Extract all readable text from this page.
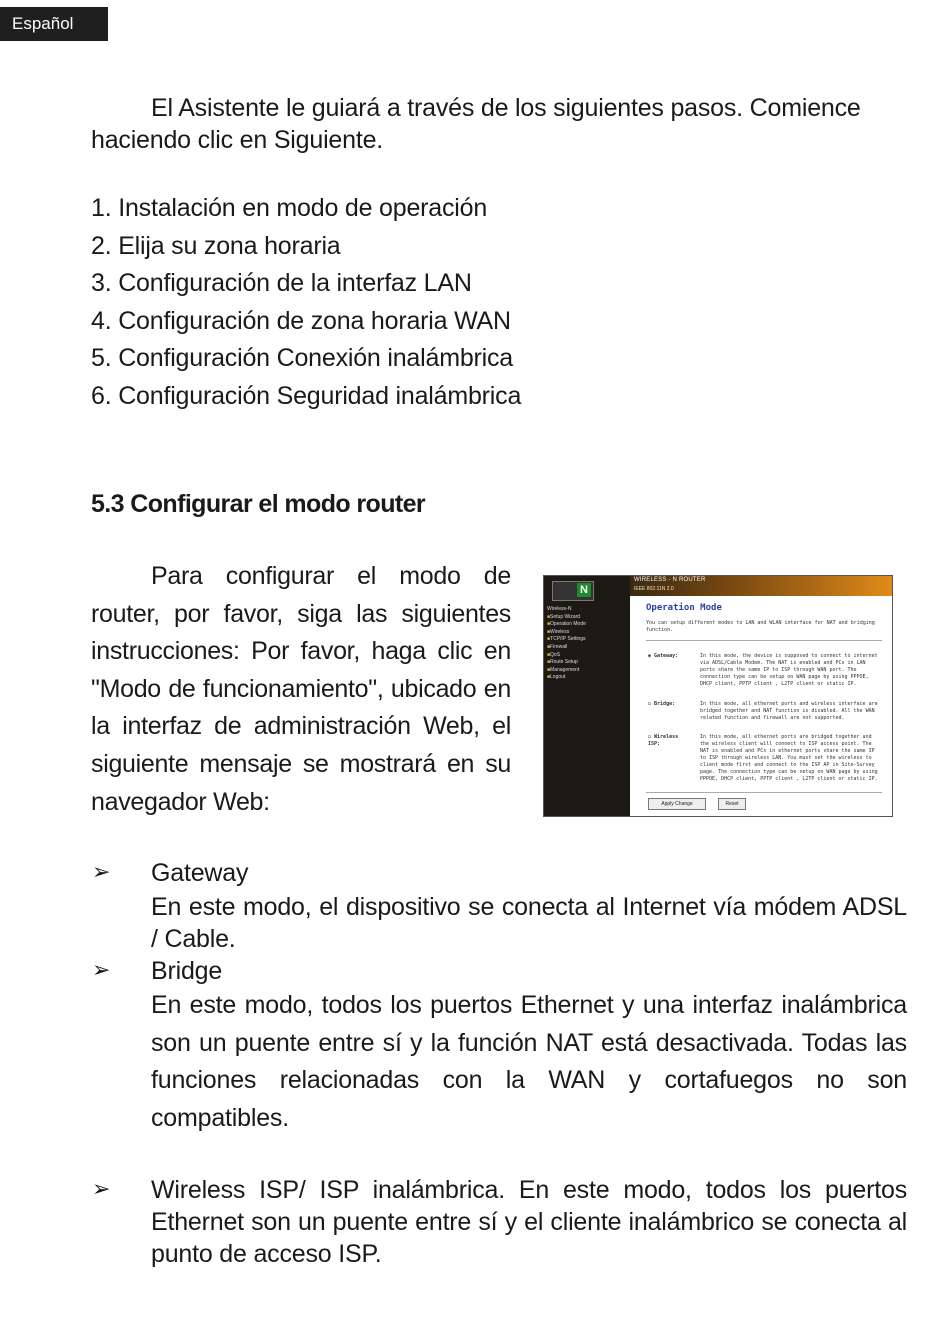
Español
El Asistente le guiará a través de los siguientes pasos. Comience haciendo clic en Siguiente.
1. Instalación en modo de operación
2. Elija su zona horaria
3. Configuración de la interfaz LAN
4. Configuración de zona horaria WAN
5. Configuración Conexión inalámbrica
6. Configuración Seguridad inalámbrica
5.3 Configurar el modo router
Para configurar el modo de router, por favor, siga las siguientes instrucciones: Por favor, haga clic en "Modo de funcionamiento", ubicado en la interfaz de administración Web, el siguiente mensaje se mostrará en su navegador Web:
N
Wireless-N
■ Setup Wizard
■ Operation Mode
■ Wireless
■ TCP/IP Settings
■ Firewall
■ QoS
■ Route Setup
■ Management
■ Logout
WIRELESS - N ROUTER
IEEE 802.11N 2.0
Operation Mode
You can setup different modes to LAN and WLAN interface for NAT and bridging function.
◉ Gateway:	In this mode, the device is supposed to connect to internet via ADSL/Cable Modem. The NAT is enabled and PCs in LAN ports share the same IP to ISP through WAN port. The connection type can be setup on WAN page by using PPPOE, DHCP client, PPTP client , L2TP client or static IP.
○ Bridge:	In this mode, all ethernet ports and wireless interface are bridged together and NAT function is disabled. All the WAN related function and firewall are not supported.
○ Wireless ISP:
In this mode, all ethernet ports are bridged together and the wireless client will connect to ISP access point. The NAT is enabled and PCs in ethernet ports share the same IP to ISP through wireless LAN. You must set the wireless to client mode first and connect to the ISP AP in Site-Survey page. The connection type can be setup on WAN page by using PPPOE, DHCP client, PPTP client , L2TP client or static IP.
Apply Change	Reset
➢ Gateway
En este modo, el dispositivo se conecta al Internet vía módem ADSL / Cable.
➢ Bridge
En este modo, todos los puertos Ethernet y una interfaz inalámbrica son un puente entre sí y la función NAT está desactivada. Todas las funciones relacionadas con la WAN y cortafuegos no son compatibles.
➢ Wireless ISP/ ISP inalámbrica. En este modo, todos los puertos Ethernet son un puente entre sí y el cliente inalámbrico se conecta al punto de acceso ISP.
